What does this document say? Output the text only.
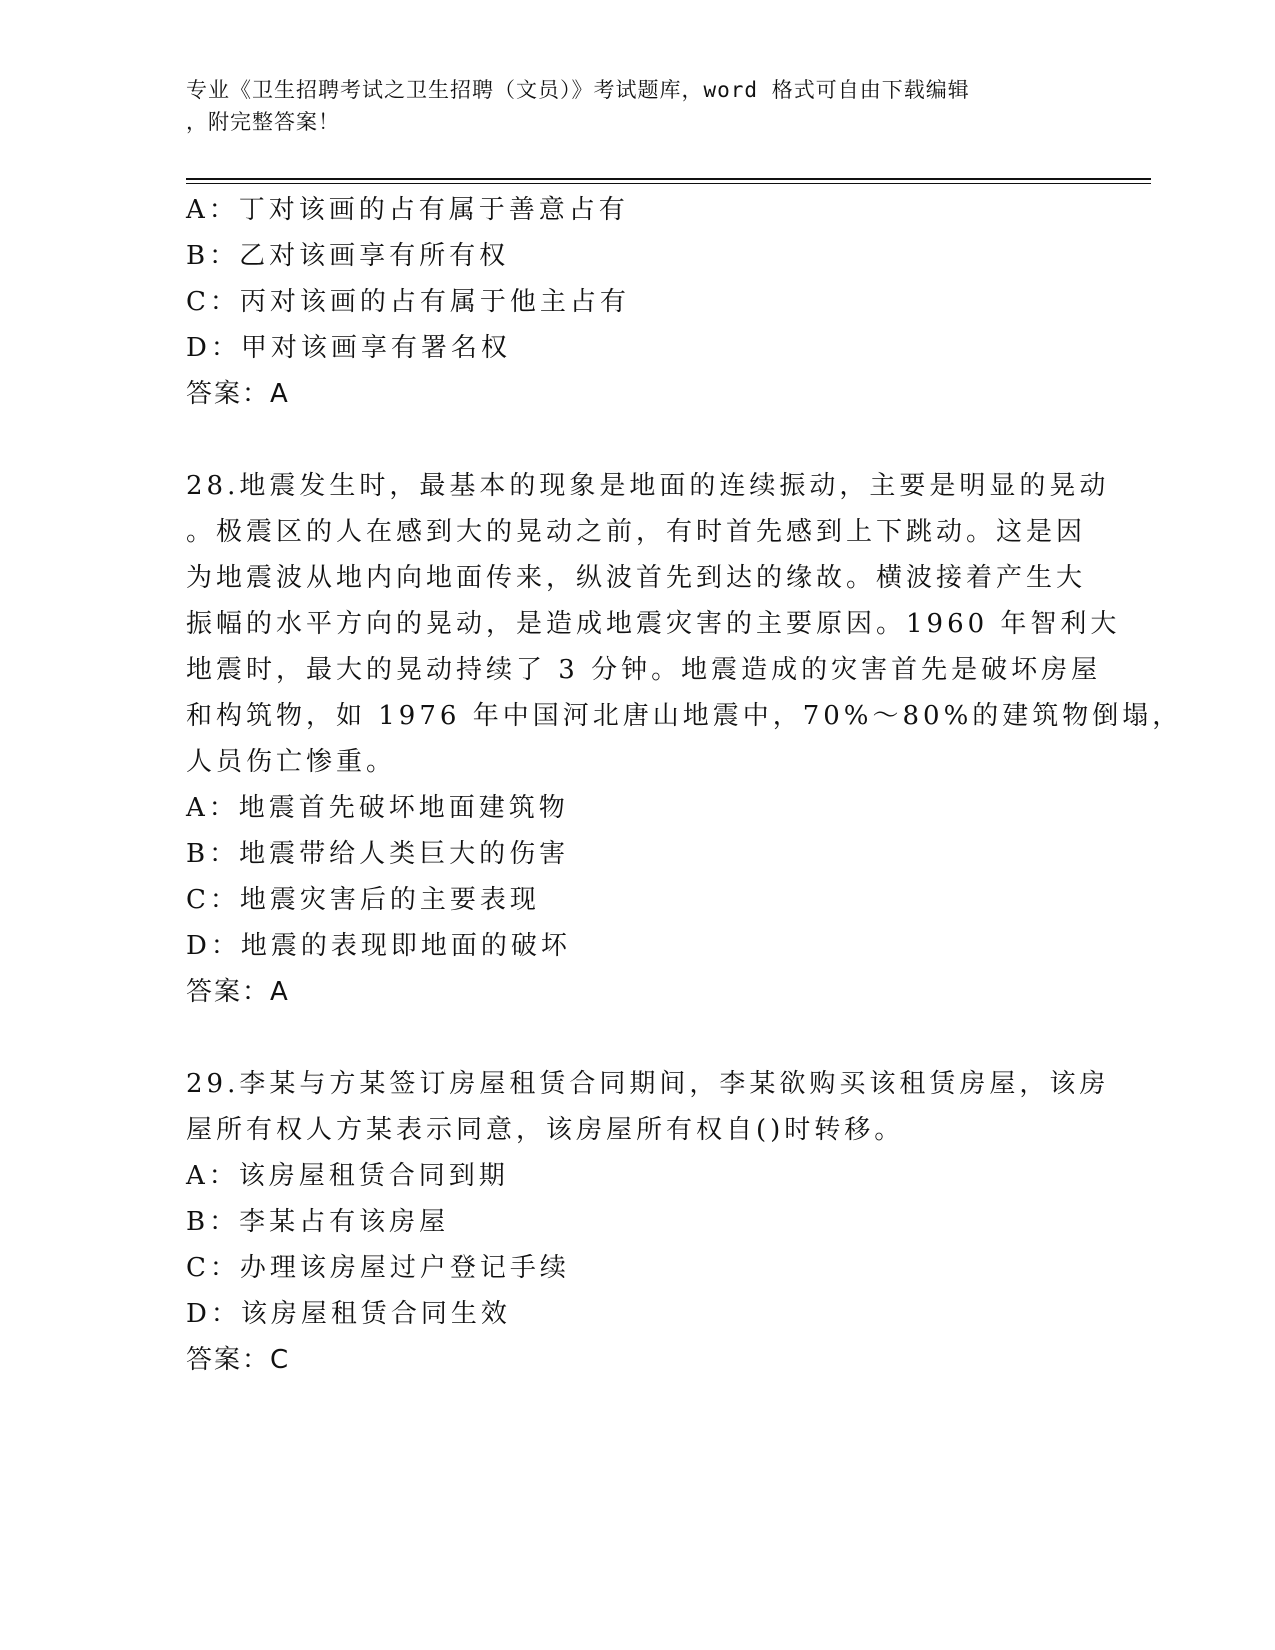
专业《卫生招聘考试之卫生招聘（文员）》考试题库，word 格式可自由下载编辑
，附完整答案！
A：丁对该画的占有属于善意占有
B：乙对该画享有所有权
C：丙对该画的占有属于他主占有
D：甲对该画享有署名权
答案：A
28.地震发生时，最基本的现象是地面的连续振动，主要是明显的晃动
。极震区的人在感到大的晃动之前，有时首先感到上下跳动。这是因
为地震波从地内向地面传来，纵波首先到达的缘故。横波接着产生大
振幅的水平方向的晃动，是造成地震灾害的主要原因。1960 年智利大
地震时，最大的晃动持续了 3 分钟。地震造成的灾害首先是破坏房屋
和构筑物，如 1976 年中国河北唐山地震中，70%～80%的建筑物倒塌，
人员伤亡惨重。
A：地震首先破坏地面建筑物
B：地震带给人类巨大的伤害
C：地震灾害后的主要表现
D：地震的表现即地面的破坏
答案：A
29.李某与方某签订房屋租赁合同期间，李某欲购买该租赁房屋，该房
屋所有权人方某表示同意，该房屋所有权自()时转移。
A：该房屋租赁合同到期
B：李某占有该房屋
C：办理该房屋过户登记手续
D：该房屋租赁合同生效
答案：C
